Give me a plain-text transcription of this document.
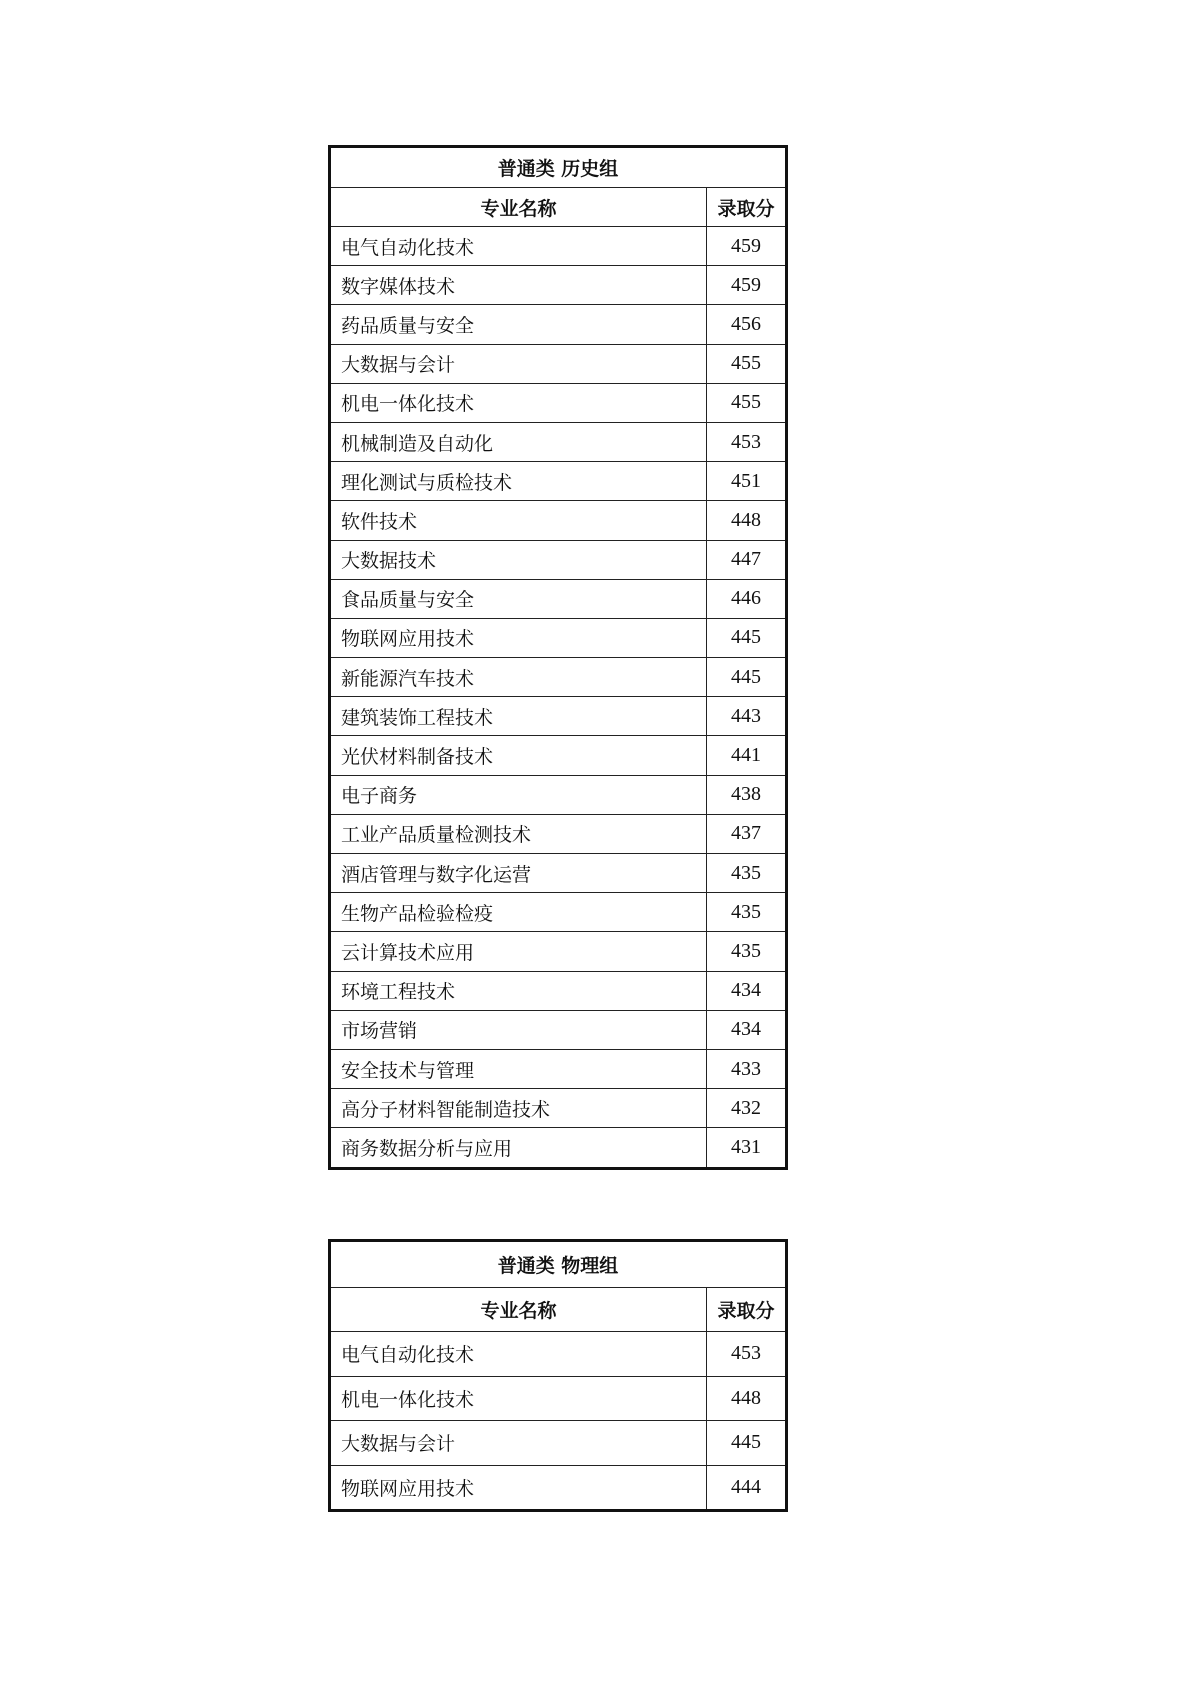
普通类 历史组	
专业名称	录取分
电气自动化技术	459
数字媒体技术	459
药品质量与安全	456
大数据与会计	455
机电一体化技术	455
机械制造及自动化	453
理化测试与质检技术	451
软件技术	448
大数据技术	447
食品质量与安全	446
物联网应用技术	445
新能源汽车技术	445
建筑装饰工程技术	443
光伏材料制备技术	441
电子商务	438
工业产品质量检测技术	437
酒店管理与数字化运营	435
生物产品检验检疫	435
云计算技术应用	435
环境工程技术	434
市场营销	434
安全技术与管理	433
高分子材料智能制造技术	432
商务数据分析与应用	431
普通类 物理组	
专业名称	录取分
电气自动化技术	453
机电一体化技术	448
大数据与会计	445
物联网应用技术	444
